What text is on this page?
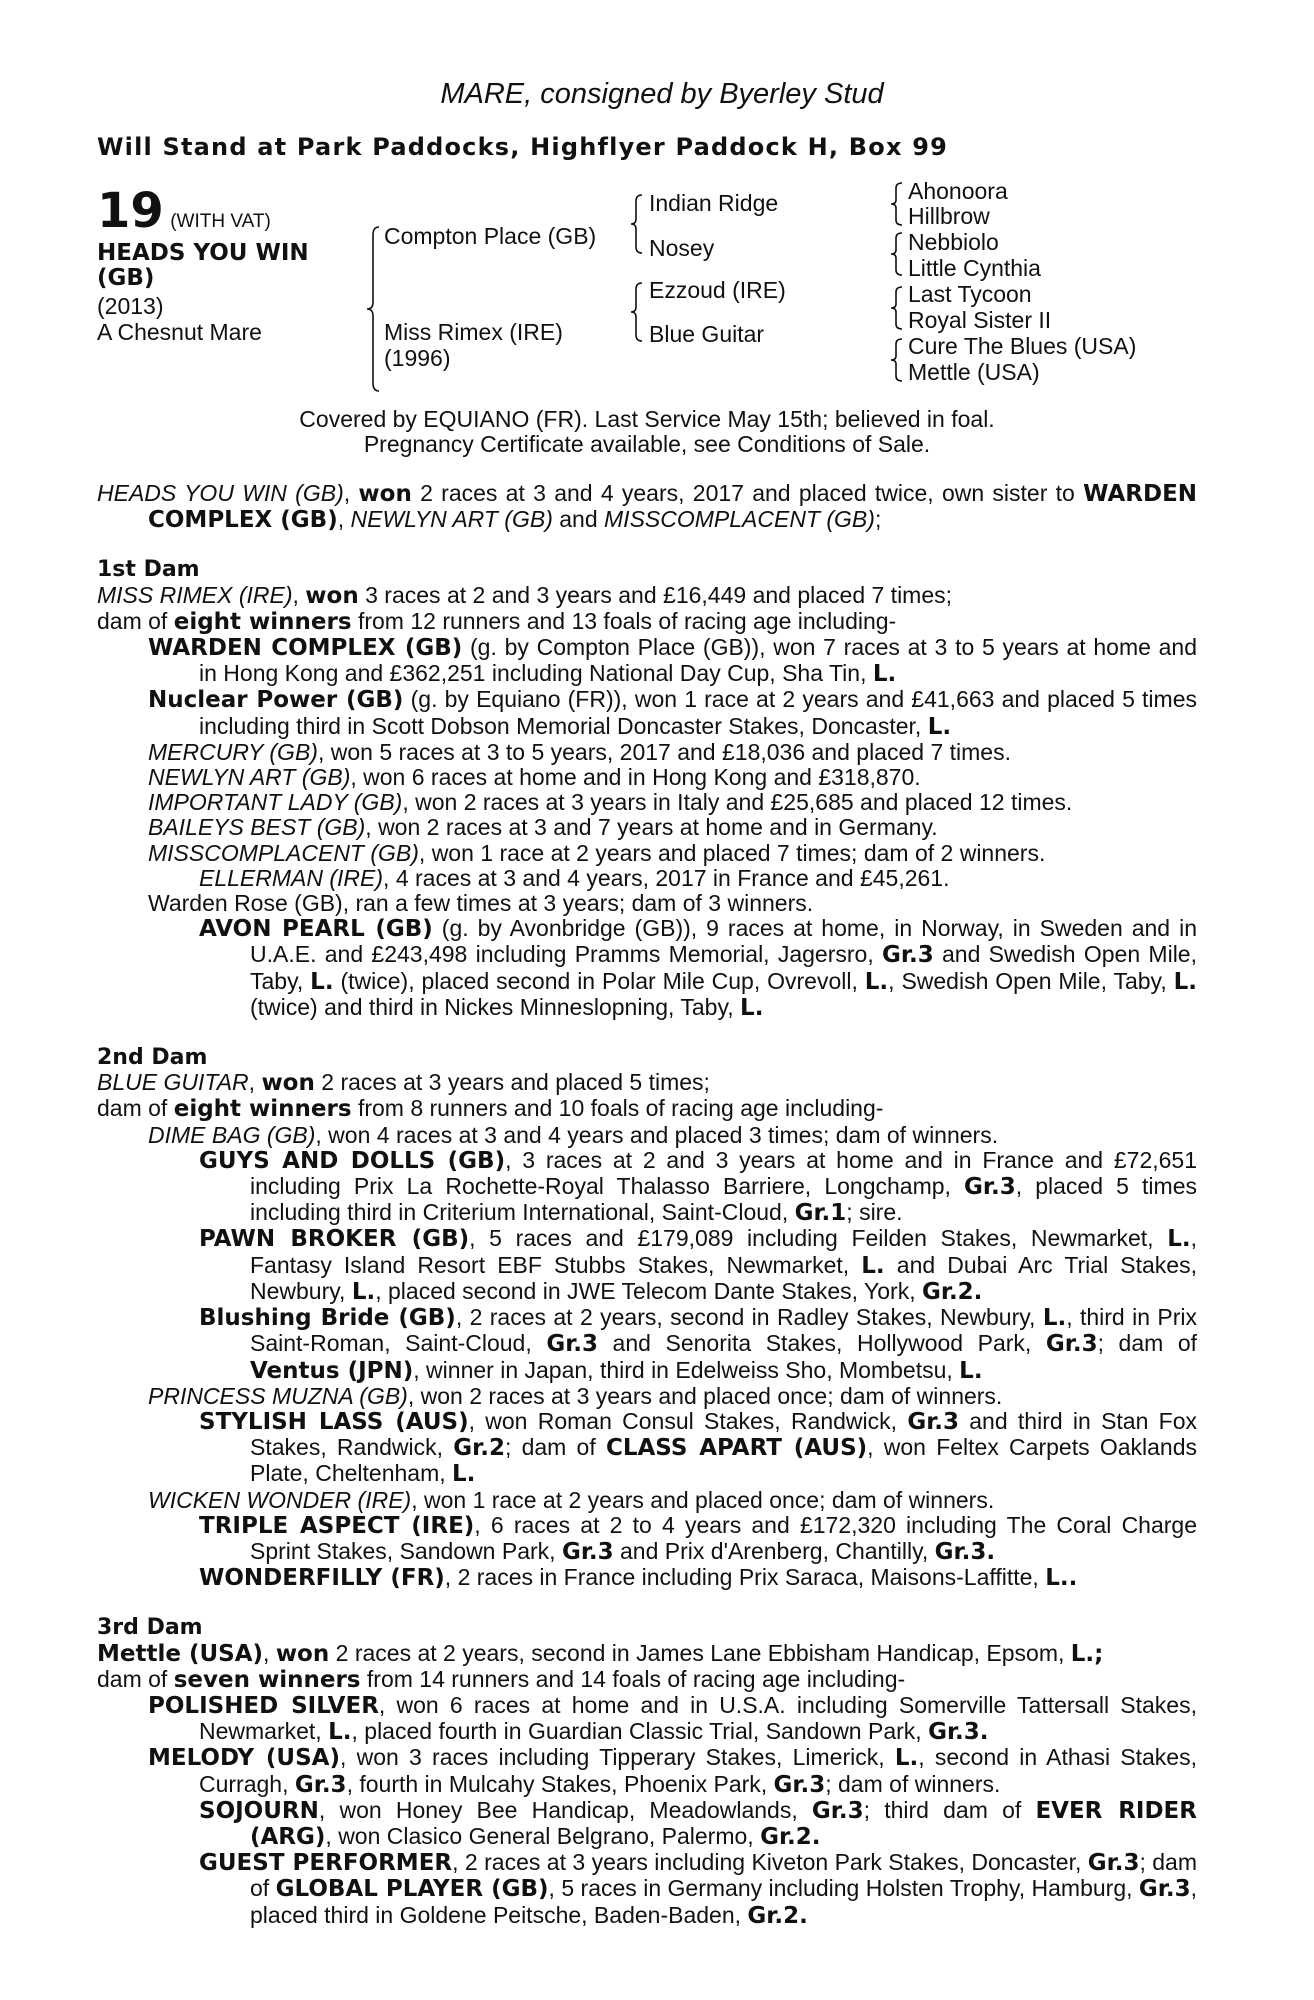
MARE, consigned by Byerley Stud
Will Stand at Park Paddocks, Highflyer Paddock H, Box 99
19 (WITH VAT)
HEADS YOU WIN
(GB)
(2013)
A Chesnut Mare
Compton Place (GB)
Miss Rimex (IRE)
(1996)
Indian Ridge
Nosey
Ezzoud (IRE)
Blue Guitar
Ahonoora
Hillbrow
Nebbiolo
Little Cynthia
Last Tycoon
Royal Sister II
Cure The Blues (USA)
Mettle (USA)
Covered by EQUIANO (FR). Last Service May 15th; believed in foal.
Pregnancy Certificate available, see Conditions of Sale.

HEADS YOU WIN (GB), won 2 races at 3 and 4 years, 2017 and placed twice, own sister to WARDEN COMPLEX (GB), NEWLYN ART (GB) and MISSCOMPLACENT (GB);

1st Dam

MISS RIMEX (IRE), won 3 races at 2 and 3 years and £16,449 and placed 7 times;

dam of eight winners from 12 runners and 13 foals of racing age including-

WARDEN COMPLEX (GB) (g. by Compton Place (GB)), won 7 races at 3 to 5 years at home and in Hong Kong and £362,251 including National Day Cup, Sha Tin, L.

Nuclear Power (GB) (g. by Equiano (FR)), won 1 race at 2 years and £41,663 and placed 5 times including third in Scott Dobson Memorial Doncaster Stakes, Doncaster, L.

MERCURY (GB), won 5 races at 3 to 5 years, 2017 and £18,036 and placed 7 times.

NEWLYN ART (GB), won 6 races at home and in Hong Kong and £318,870.

IMPORTANT LADY (GB), won 2 races at 3 years in Italy and £25,685 and placed 12 times.

BAILEYS BEST (GB), won 2 races at 3 and 7 years at home and in Germany.

MISSCOMPLACENT (GB), won 1 race at 2 years and placed 7 times; dam of 2 winners.

ELLERMAN (IRE), 4 races at 3 and 4 years, 2017 in France and £45,261.

Warden Rose (GB), ran a few times at 3 years; dam of 3 winners.

AVON PEARL (GB) (g. by Avonbridge (GB)), 9 races at home, in Norway, in Sweden and in U.A.E. and £243,498 including Pramms Memorial, Jagersro, Gr.3 and Swedish Open Mile, Taby, L. (twice), placed second in Polar Mile Cup, Ovrevoll, L., Swedish Open Mile, Taby, L. (twice) and third in Nickes Minneslopning, Taby, L.

2nd Dam

BLUE GUITAR, won 2 races at 3 years and placed 5 times;

dam of eight winners from 8 runners and 10 foals of racing age including-

DIME BAG (GB), won 4 races at 3 and 4 years and placed 3 times; dam of winners.

GUYS AND DOLLS (GB), 3 races at 2 and 3 years at home and in France and £72,651 including Prix La Rochette-Royal Thalasso Barriere, Longchamp, Gr.3, placed 5 times including third in Criterium International, Saint-Cloud, Gr.1; sire.

PAWN BROKER (GB), 5 races and £179,089 including Feilden Stakes, Newmarket, L., Fantasy Island Resort EBF Stubbs Stakes, Newmarket, L. and Dubai Arc Trial Stakes, Newbury, L., placed second in JWE Telecom Dante Stakes, York, Gr.2.

Blushing Bride (GB), 2 races at 2 years, second in Radley Stakes, Newbury, L., third in Prix Saint-Roman, Saint-Cloud, Gr.3 and Senorita Stakes, Hollywood Park, Gr.3; dam of Ventus (JPN), winner in Japan, third in Edelweiss Sho, Mombetsu, L.

PRINCESS MUZNA (GB), won 2 races at 3 years and placed once; dam of winners.

STYLISH LASS (AUS), won Roman Consul Stakes, Randwick, Gr.3 and third in Stan Fox Stakes, Randwick, Gr.2; dam of CLASS APART (AUS), won Feltex Carpets Oaklands Plate, Cheltenham, L.

WICKEN WONDER (IRE), won 1 race at 2 years and placed once; dam of winners.

TRIPLE ASPECT (IRE), 6 races at 2 to 4 years and £172,320 including The Coral Charge Sprint Stakes, Sandown Park, Gr.3 and Prix d'Arenberg, Chantilly, Gr.3.

WONDERFILLY (FR), 2 races in France including Prix Saraca, Maisons-Laffitte, L..

3rd Dam

Mettle (USA), won 2 races at 2 years, second in James Lane Ebbisham Handicap, Epsom, L.;

dam of seven winners from 14 runners and 14 foals of racing age including-

POLISHED SILVER, won 6 races at home and in U.S.A. including Somerville Tattersall Stakes, Newmarket, L., placed fourth in Guardian Classic Trial, Sandown Park, Gr.3.

MELODY (USA), won 3 races including Tipperary Stakes, Limerick, L., second in Athasi Stakes, Curragh, Gr.3, fourth in Mulcahy Stakes, Phoenix Park, Gr.3; dam of winners.

SOJOURN, won Honey Bee Handicap, Meadowlands, Gr.3; third dam of EVER RIDER (ARG), won Clasico General Belgrano, Palermo, Gr.2.

GUEST PERFORMER, 2 races at 3 years including Kiveton Park Stakes, Doncaster, Gr.3; dam of GLOBAL PLAYER (GB), 5 races in Germany including Holsten Trophy, Hamburg, Gr.3, placed third in Goldene Peitsche, Baden-Baden, Gr.2.
